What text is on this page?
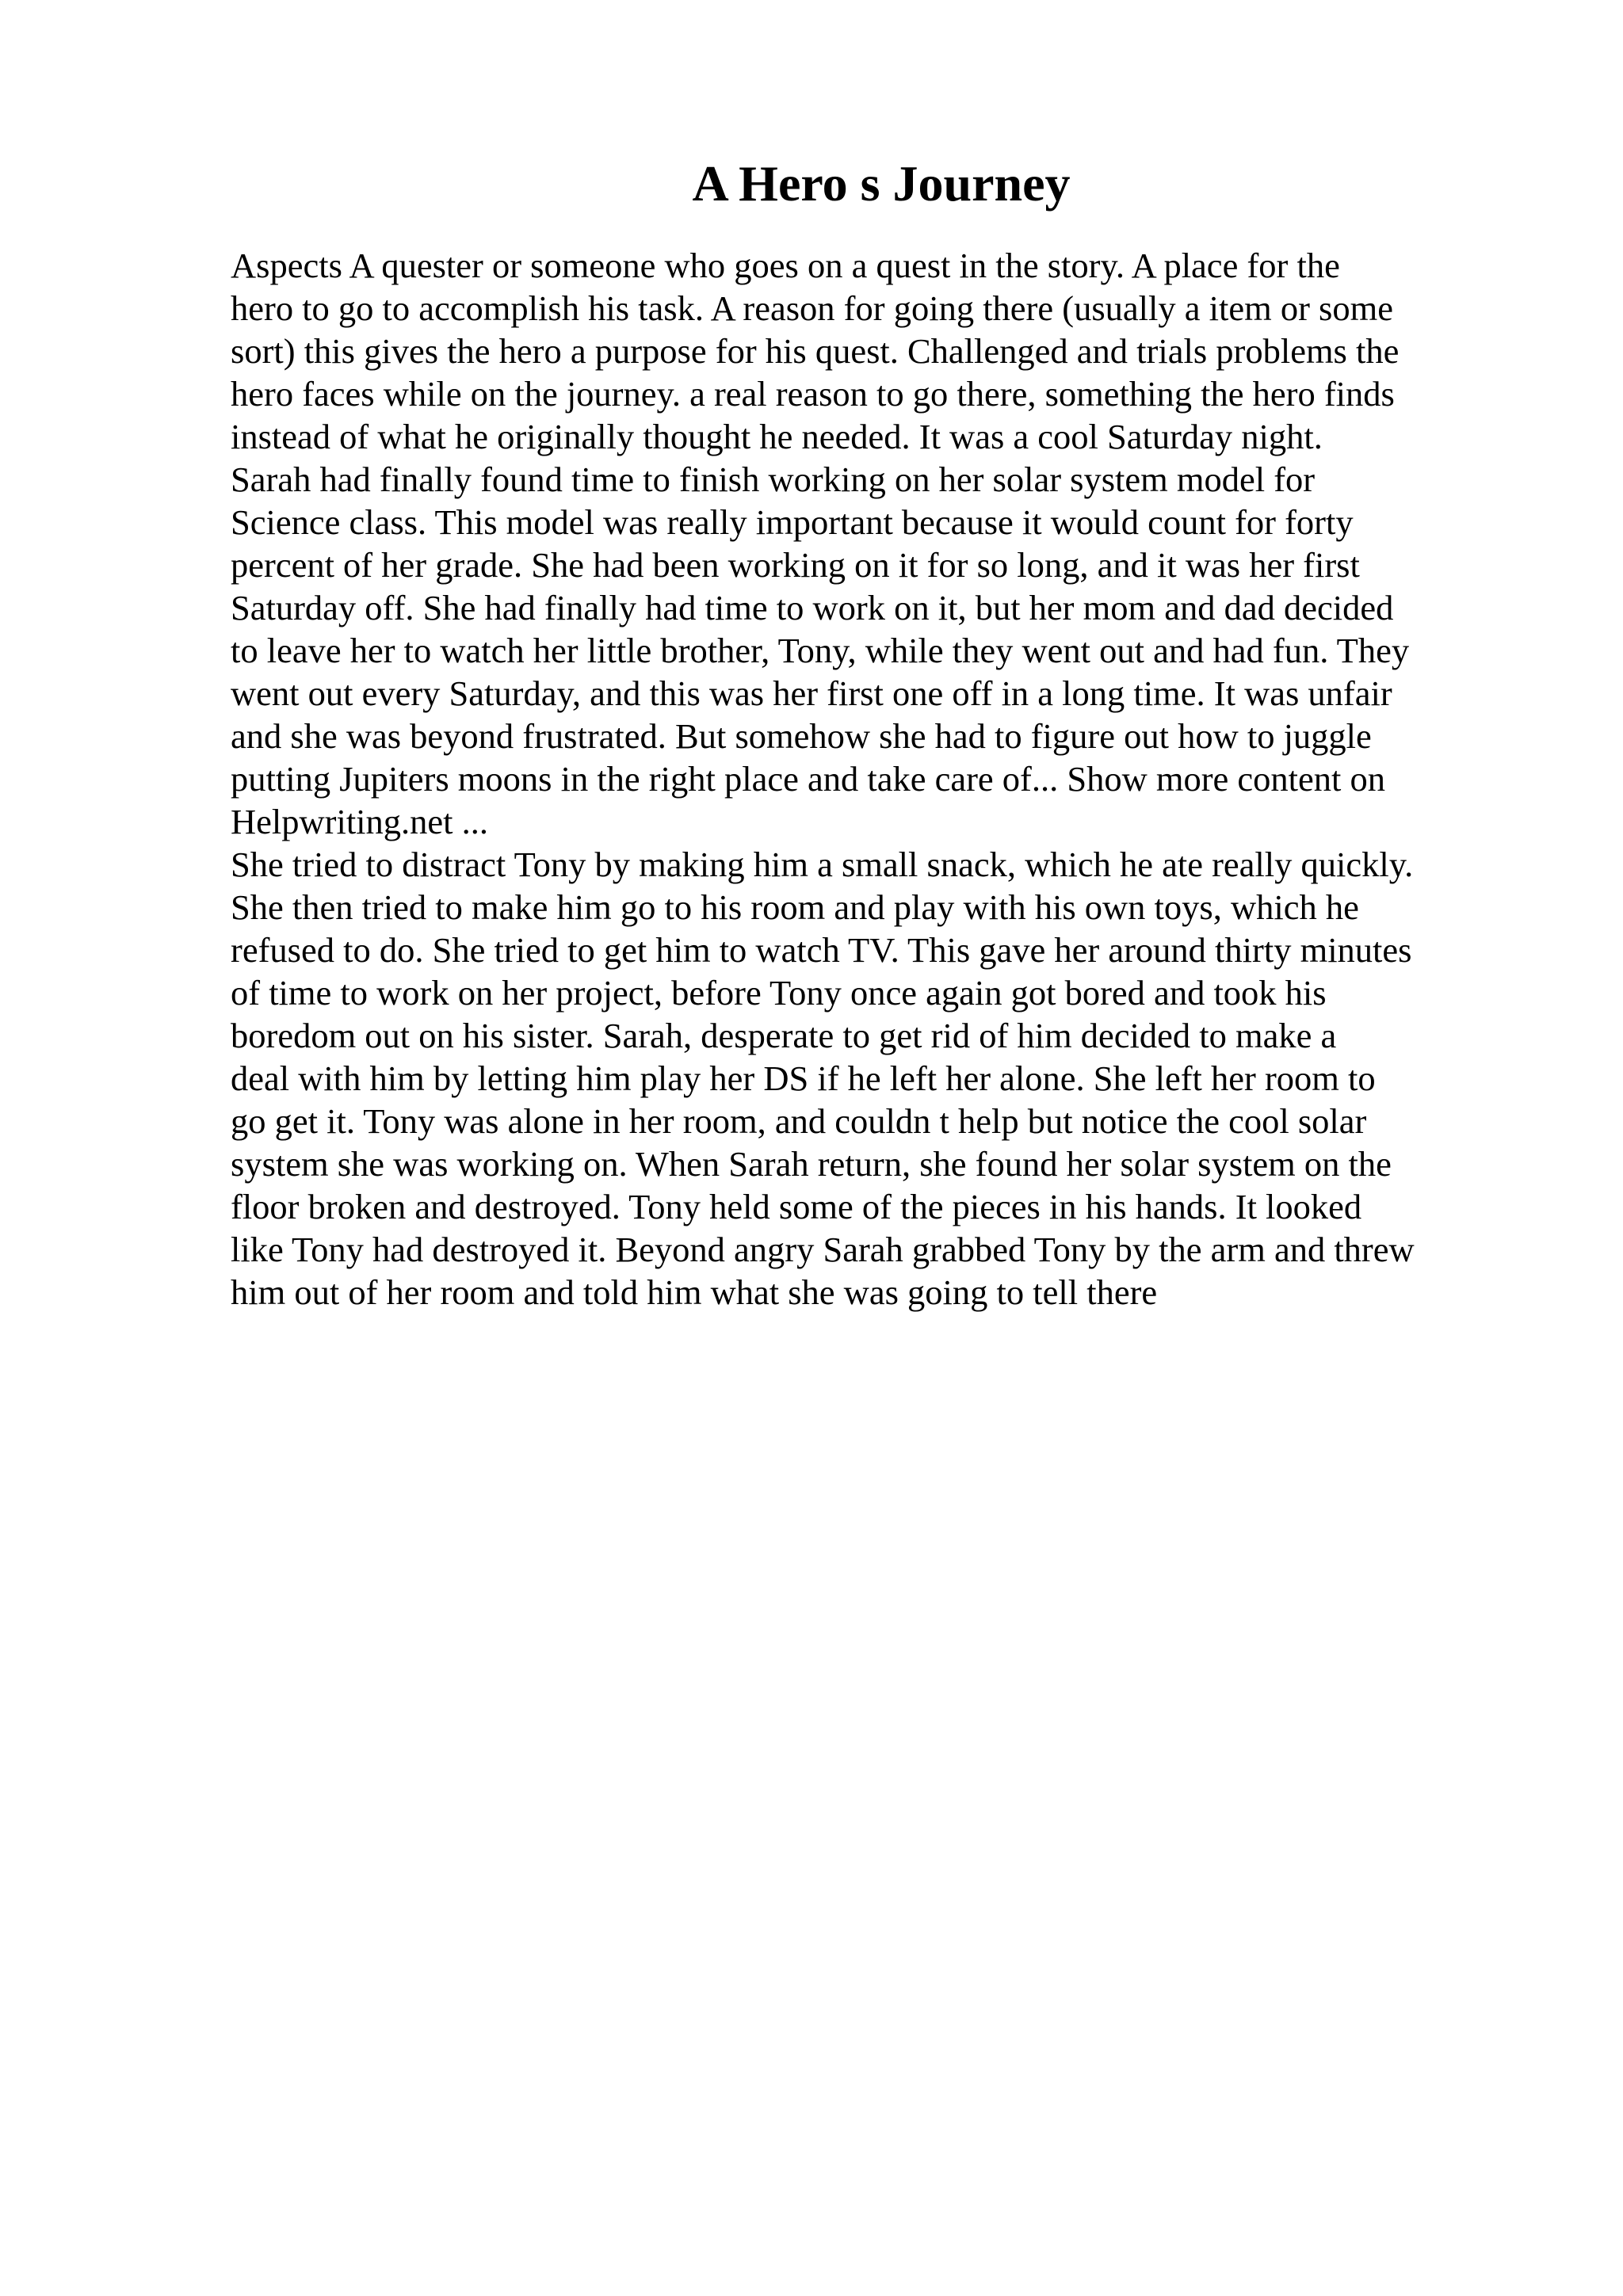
A Hero s Journey
Aspects A quester or someone who goes on a quest in the story. A place for the
hero to go to accomplish his task. A reason for going there (usually a item or some
sort) this gives the hero a purpose for his quest. Challenged and trials problems the
hero faces while on the journey. a real reason to go there, something the hero finds
instead of what he originally thought he needed. It was a cool Saturday night.
Sarah had finally found time to finish working on her solar system model for
Science class. This model was really important because it would count for forty
percent of her grade. She had been working on it for so long, and it was her first
Saturday off. She had finally had time to work on it, but her mom and dad decided
to leave her to watch her little brother, Tony, while they went out and had fun. They
went out every Saturday, and this was her first one off in a long time. It was unfair
and she was beyond frustrated. But somehow she had to figure out how to juggle
putting Jupiters moons in the right place and take care of... Show more content on
Helpwriting.net ...
She tried to distract Tony by making him a small snack, which he ate really quickly.
She then tried to make him go to his room and play with his own toys, which he
refused to do. She tried to get him to watch TV. This gave her around thirty minutes
of time to work on her project, before Tony once again got bored and took his
boredom out on his sister. Sarah, desperate to get rid of him decided to make a
deal with him by letting him play her DS if he left her alone. She left her room to
go get it. Tony was alone in her room, and couldn t help but notice the cool solar
system she was working on. When Sarah return, she found her solar system on the
floor broken and destroyed. Tony held some of the pieces in his hands. It looked
like Tony had destroyed it. Beyond angry Sarah grabbed Tony by the arm and threw
him out of her room and told him what she was going to tell there
